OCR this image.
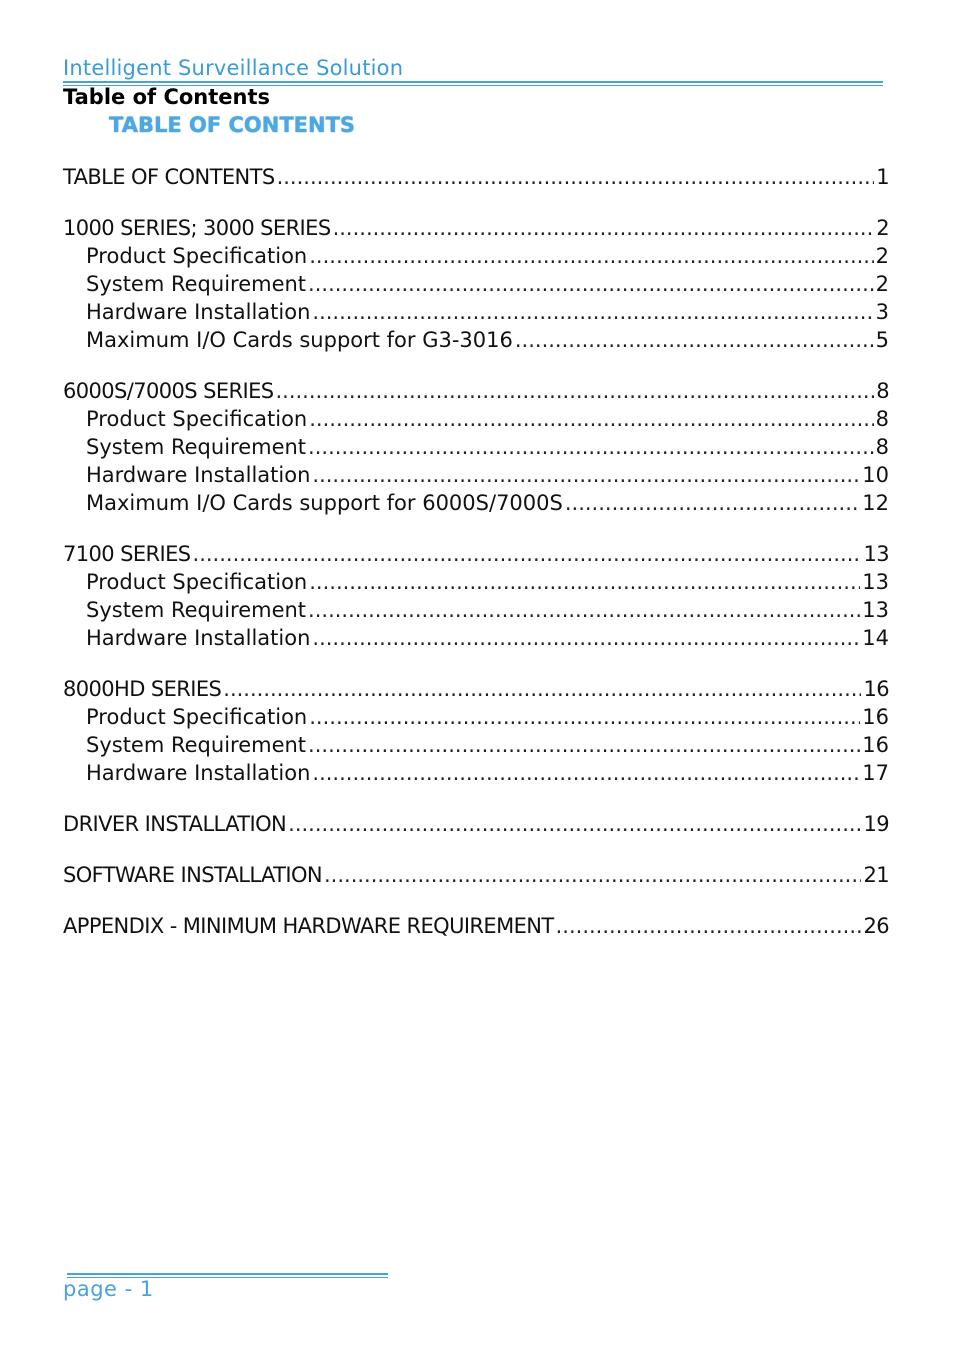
Intelligent Surveillance Solution
Table of Contents
TABLE OF CONTENTS
TABLE OF CONTENTS .....	1
1000 SERIES; 3000 SERIES .....	2
Product Specification .....	2
System Requirement .....	2
Hardware Installation .....	3
Maximum I/O Cards support for G3-3016 .....	5
6000S/7000S SERIES .....	8
Product Specification .....	8
System Requirement .....	8
Hardware Installation .....	10
Maximum I/O Cards support for 6000S/7000S .....	12
7100 SERIES .....	13
Product Specification .....	13
System Requirement .....	13
Hardware Installation .....	14
8000HD SERIES .....	16
Product Specification .....	16
System Requirement .....	16
Hardware Installation .....	17
DRIVER INSTALLATION .....	19
SOFTWARE INSTALLATION .....	21
APPENDIX - MINIMUM HARDWARE REQUIREMENT .....	26
page - 1
